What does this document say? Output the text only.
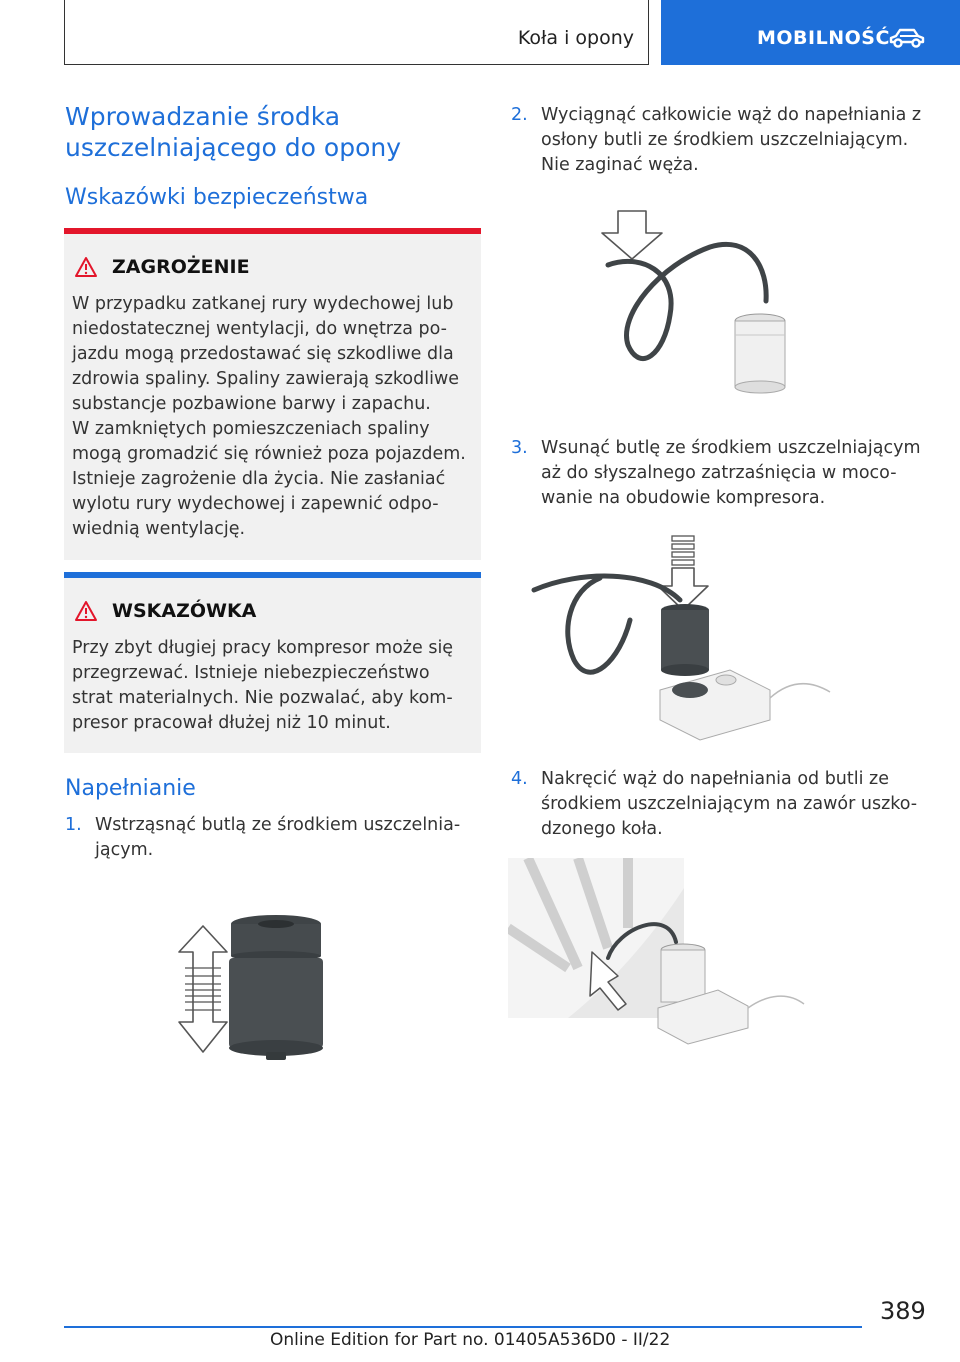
Koła i opony	MOBILNOŚĆ
Wprowadzanie środka uszczelniającego do opony
Wskazówki bezpieczeństwa
ZAGROŻENIE
W przypadku zatkanej rury wydechowej lub
niedostatecznej wentylacji, do wnętrza po-
jazdu mogą przedostawać się szkodliwe dla
zdrowia spaliny. Spaliny zawierają szkodliwe
substancje pozbawione barwy i zapachu.
W zamkniętych pomieszczeniach spaliny
mogą gromadzić się również poza pojazdem.
Istnieje zagrożenie dla życia. Nie zasłaniać
wylotu rury wydechowej i zapewnić odpo-
wiednią wentylację.
WSKAZÓWKA
Przy zbyt długiej pracy kompresor może się
przegrzewać. Istnieje niebezpieczeństwo
strat materialnych. Nie pozwalać, aby kom-
presor pracował dłużej niż 10 minut.
Napełnianie
1. Wstrząsnąć butlą ze środkiem uszczelnia-
jącym.
2. Wyciągnąć całkowicie wąż do napełniania z
osłony butli ze środkiem uszczelniającym.
Nie zaginać węża.
3. Wsunąć butlę ze środkiem uszczelniającym
aż do słyszalnego zatrzaśnięcia w moco-
wanie na obudowie kompresora.
4. Nakręcić wąż do napełniania od butli ze
środkiem uszczelniającym na zawór uszko-
dzonego koła.
389
Online Edition for Part no. 01405A536D0 - II/22
